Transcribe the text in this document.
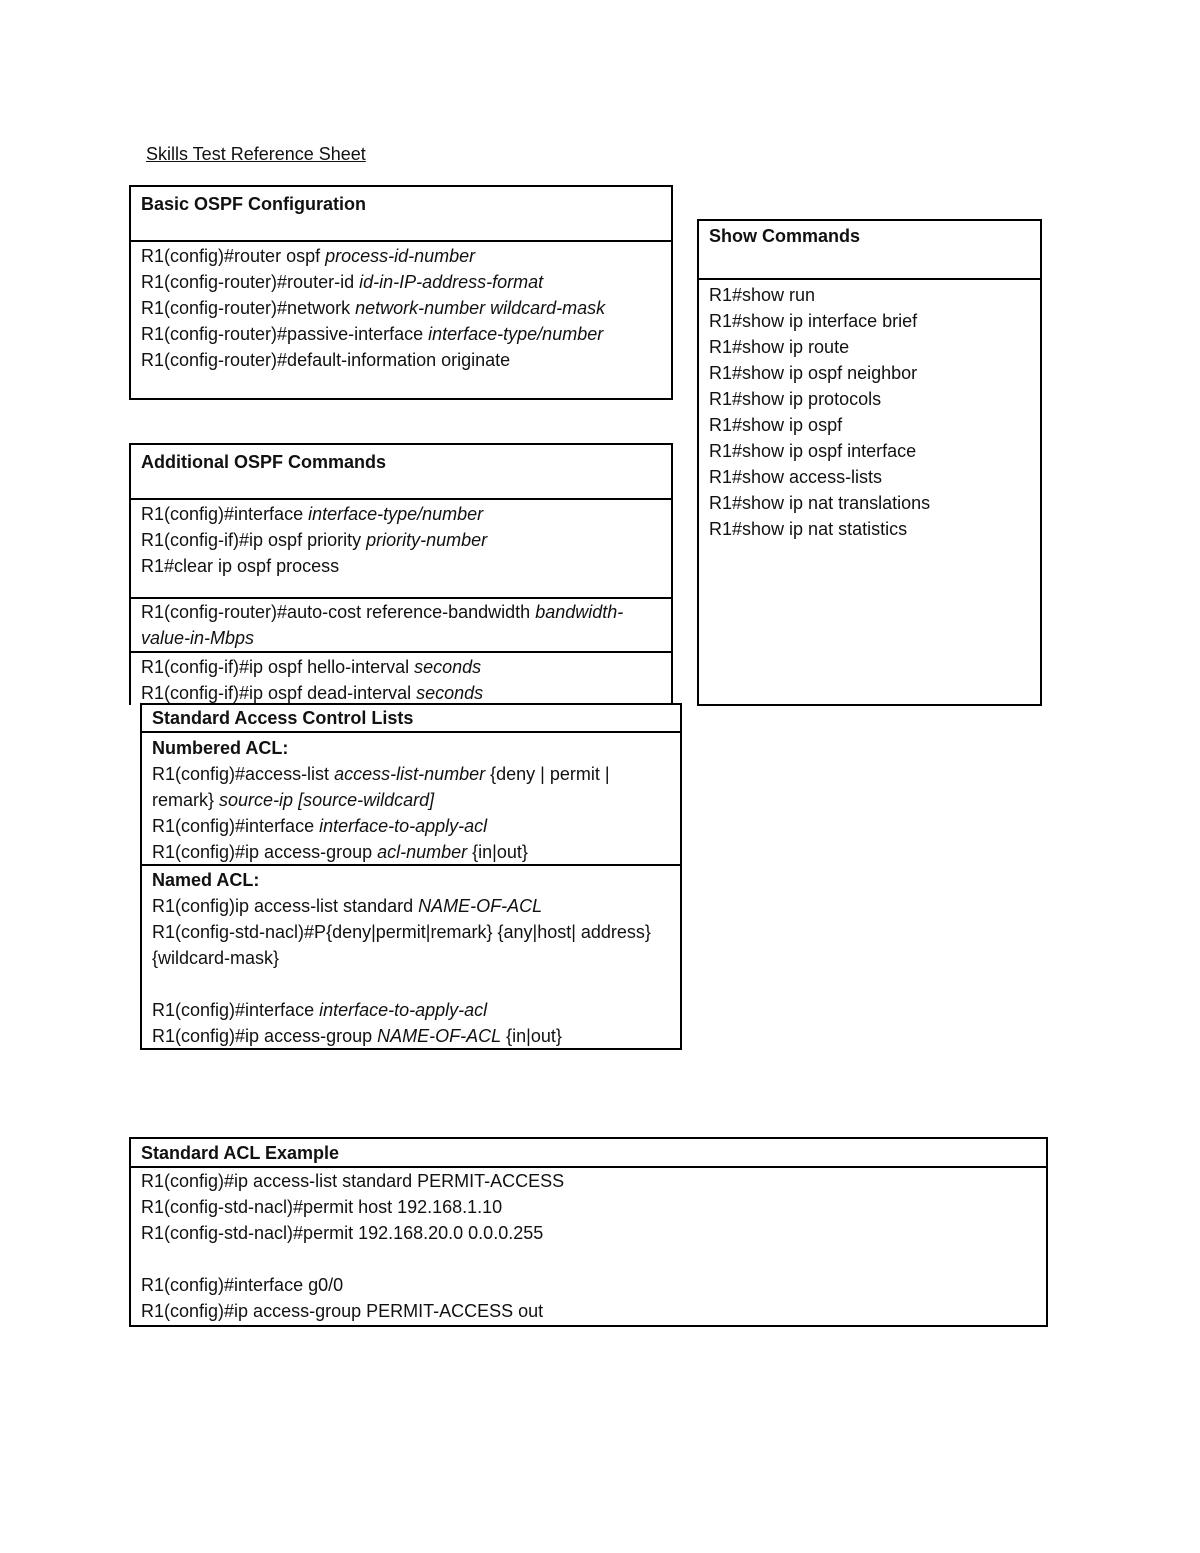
Skills Test Reference Sheet
Basic OSPF Configuration
R1(config)#router ospf process-id-number
R1(config-router)#router-id id-in-IP-address-format
R1(config-router)#network network-number wildcard-mask
R1(config-router)#passive-interface interface-type/number
R1(config-router)#default-information originate
Additional OSPF Commands
R1(config)#interface interface-type/number
R1(config-if)#ip ospf priority priority-number
R1#clear ip ospf process
R1(config-router)#auto-cost reference-bandwidth bandwidth-value-in-Mbps
R1(config-if)#ip ospf hello-interval seconds
R1(config-if)#ip ospf dead-interval seconds
Show Commands
R1#show run
R1#show ip interface brief
R1#show ip route
R1#show ip ospf neighbor
R1#show ip protocols
R1#show ip ospf
R1#show ip ospf interface
R1#show access-lists
R1#show ip nat translations
R1#show ip nat statistics
Standard Access Control Lists
Numbered ACL:
R1(config)#access-list access-list-number {deny | permit | remark} source-ip [source-wildcard]
R1(config)#interface interface-to-apply-acl
R1(config)#ip access-group acl-number {in|out}
Named ACL:
R1(config)ip access-list standard NAME-OF-ACL
R1(config-std-nacl)#P{deny|permit|remark} {any|host| address} {wildcard-mask}
R1(config)#interface interface-to-apply-acl
R1(config)#ip access-group NAME-OF-ACL {in|out}
Standard ACL Example
R1(config)#ip access-list standard PERMIT-ACCESS
R1(config-std-nacl)#permit host 192.168.1.10
R1(config-std-nacl)#permit 192.168.20.0 0.0.0.255
R1(config)#interface g0/0
R1(config)#ip access-group PERMIT-ACCESS out
